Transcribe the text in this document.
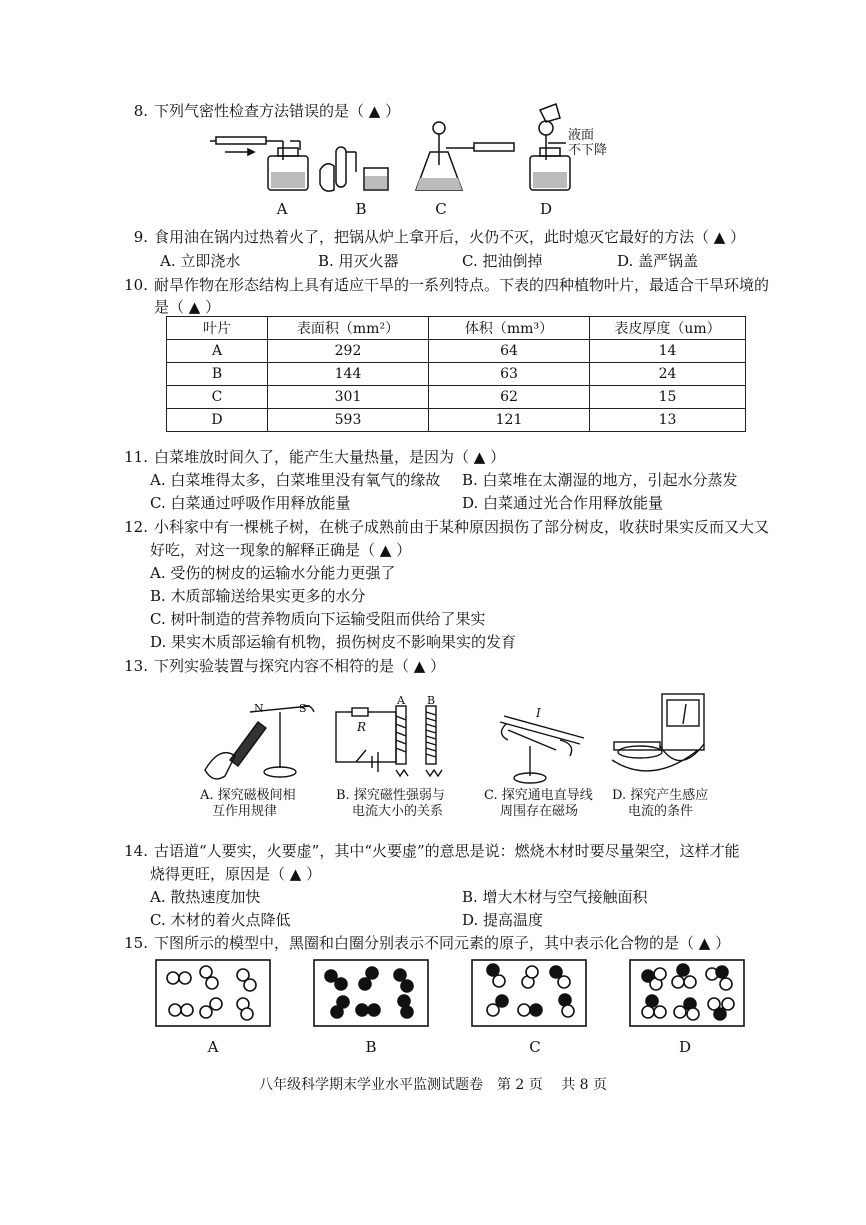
8. 下列气密性检查方法错误的是（ ▲ ）
液面
不下降
A	B	C	D
9. 食用油在锅内过热着火了，把锅从炉上拿开后，火仍不灭，此时熄灭它最好的方法（ ▲ ）
A. 立即浇水	B. 用灭火器	C. 把油倒掉	D. 盖严锅盖
10. 耐旱作物在形态结构上具有适应干旱的一系列特点。下表的四种植物叶片，最适合干旱环境的
是（ ▲ ）
叶片	表面积（mm²）	体积（mm³）	表皮厚度（um）
A	292	64	14
B	144	63	24
C	301	62	15
D	593	121	13
11. 白菜堆放时间久了，能产生大量热量，是因为（ ▲ ）
A. 白菜堆得太多，白菜堆里没有氧气的缘故 B. 白菜堆在太潮湿的地方，引起水分蒸发
C. 白菜通过呼吸作用释放能量	D. 白菜通过光合作用释放能量
12. 小科家中有一棵桃子树，在桃子成熟前由于某种原因损伤了部分树皮，收获时果实反而又大又
好吃，对这一现象的解释正确是（ ▲ ）
A. 受伤的树皮的运输水分能力更强了
B. 木质部输送给果实更多的水分
C. 树叶制造的营养物质向下运输受阻而供给了果实
D. 果实木质部运输有机物，损伤树皮不影响果实的发育
13. 下列实验装置与探究内容不相符的是（ ▲ ）
N	S
R
A B
I
A. 探究磁极间相
互作用规律
B. 探究磁性强弱与
电流大小的关系
C. 探究通电直导线
周围存在磁场
D. 探究产生感应
电流的条件
14. 古语道“人要实，火要虚”，其中“火要虚”的意思是说：燃烧木材时要尽量架空，这样才能
烧得更旺，原因是（ ▲ ）
A. 散热速度加快	B. 增大木材与空气接触面积
C. 木材的着火点降低	D. 提高温度
15. 下图所示的模型中，黑圈和白圈分别表示不同元素的原子，其中表示化合物的是（ ▲ ）
A	B	C	D
八年级科学期末学业水平监测试题卷　第 2 页　 共 8 页
